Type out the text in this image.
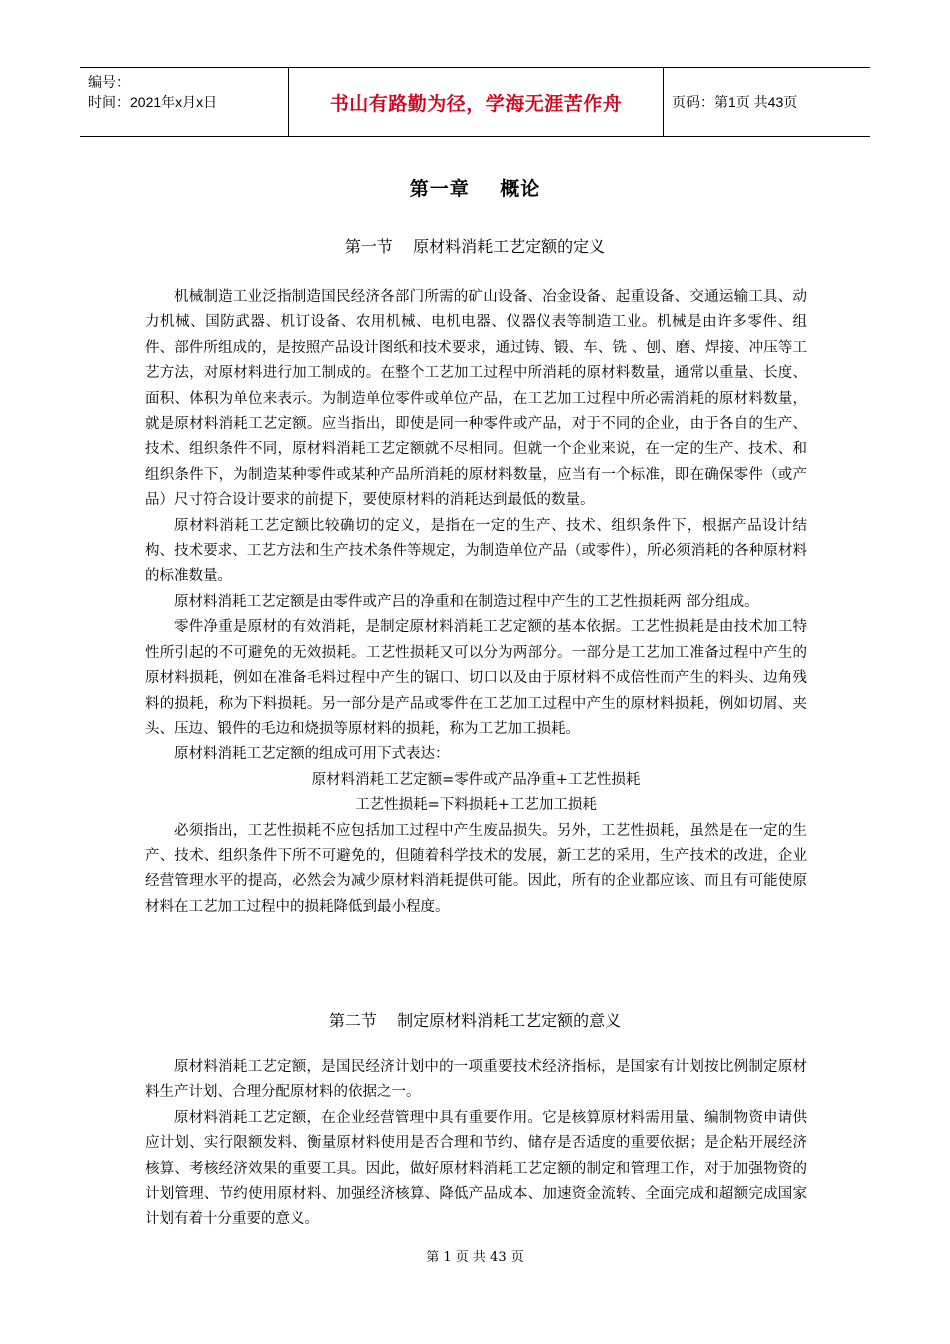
编号：
时间：2021年x月x日	书山有路勤为径，学海无涯苦作舟	页码：第1页 共43页
第一章    概论
第一节    原材料消耗工艺定额的定义

机械制造工业泛指制造国民经济各部门所需的矿山设备、冶金设备、起重设备、交通运输工具、动力机械、国防武器、机订设备、农用机械、电机电器、仪器仪表等制造工业。机械是由许多零件、组件、部件所组成的，是按照产品设计图纸和技术要求，通过铸、锻、车、铣 、刨、磨、焊接、冲压等工艺方法，对原材料进行加工制成的。在整个工艺加工过程中所消耗的原材料数量，通常以重量、长度、面积、体积为单位来表示。为制造单位零件或单位产品，在工艺加工过程中所必需消耗的原材料数量，就是原材料消耗工艺定额。应当指出，即使是同一种零件或产品，对于不同的企业，由于各自的生产、技术、组织条件不同，原材料消耗工艺定额就不尽相同。但就一个企业来说，在一定的生产、技术、和组织条件下，为制造某种零件或某种产品所消耗的原材料数量，应当有一个标准，即在确保零件（或产品）尺寸符合设计要求的前提下，要使原材料的消耗达到最低的数量。

原材料消耗工艺定额比较确切的定义，是指在一定的生产、技术、组织条件下，根据产品设计结构、技术要求、工艺方法和生产技术条件等规定，为制造单位产品（或零件），所必须消耗的各种原材料的标准数量。

原材料消耗工艺定额是由零件或产吕的净重和在制造过程中产生的工艺性损耗两 部分组成。

零件净重是原材的有效消耗，是制定原材料消耗工艺定额的基本依据。工艺性损耗是由技术加工特性所引起的不可避免的无效损耗。工艺性损耗又可以分为两部分。一部分是工艺加工准备过程中产生的原材料损耗，例如在准备毛料过程中产生的锯口、切口以及由于原材料不成倍性而产生的料头、边角残料的损耗，称为下料损耗。另一部分是产品或零件在工艺加工过程中产生的原材料损耗，例如切屑、夹头、压边、锻件的毛边和烧损等原材料的损耗，称为工艺加工损耗。

原材料消耗工艺定额的组成可用下式表达：

原材料消耗工艺定额=零件或产品净重+工艺性损耗

工艺性损耗=下料损耗+工艺加工损耗

必须指出，工艺性损耗不应包括加工过程中产生废品损失。另外，工艺性损耗，虽然是在一定的生产、技术、组织条件下所不可避免的，但随着科学技术的发展，新工艺的采用，生产技术的改进，企业经营管理水平的提高，必然会为减少原材料消耗提供可能。因此，所有的企业都应该、而且有可能使原材料在工艺加工过程中的损耗降低到最小程度。

第二节    制定原材料消耗工艺定额的意义

原材料消耗工艺定额，是国民经济计划中的一项重要技术经济指标，是国家有计划按比例制定原材料生产计划、合理分配原材料的依据之一。

原材料消耗工艺定额，在企业经营管理中具有重要作用。它是核算原材料需用量、编制物资申请供应计划、实行限额发料、衡量原材料使用是否合理和节约、储存是否适度的重要依据；是企粘开展经济核算、考核经济效果的重要工具。因此，做好原材料消耗工艺定额的制定和管理工作，对于加强物资的计划管理、节约使用原材料、加强经济核算、降低产品成本、加速资金流转、全面完成和超额完成国家计划有着十分重要的意义。

第 1 页 共 43 页
